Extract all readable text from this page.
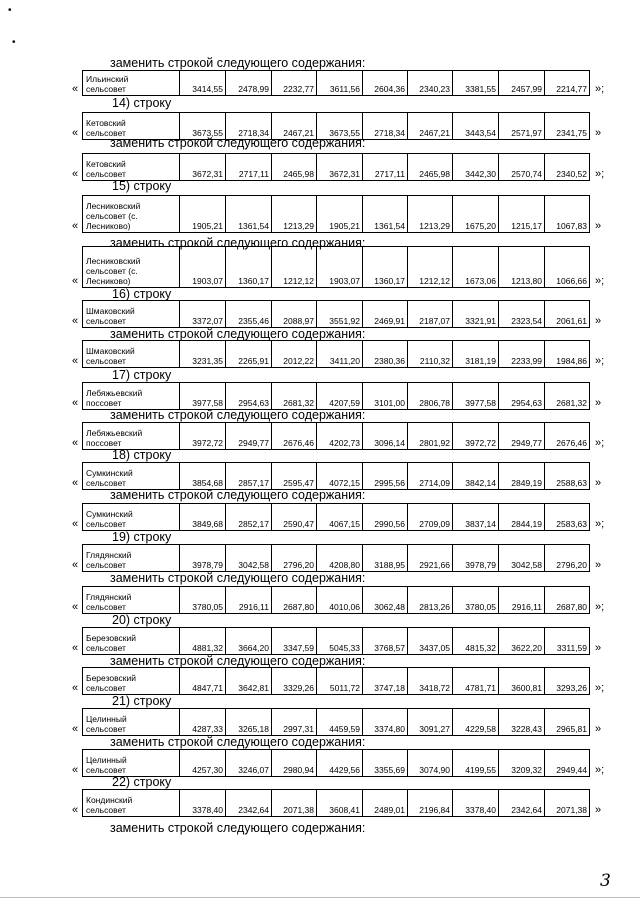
•
•
заменить строкой следующего содержания:
«
Ильинский
сельсовет	3414,55	2478,99	2232,77	3611,56	2604,36	2340,23	3381,55	2457,99	2214,77 »;
14) строку
«
Кетовский
сельсовет	3673,55	2718,34	2467,21	3673,55	2718,34	2467,21	3443,54	2571,97	2341,75 »
заменить строкой следующего содержания:
«
Кетовский
сельсовет	3672,31	2717,11	2465,98	3672,31	2717,11	2465,98	3442,30	2570,74	2340,52 »;
15) строку
«
Лесниковский
сельсовет (с.
Лесниково)	1905,21	1361,54	1213,29	1905,21	1361,54	1213,29	1675,20	1215,17	1067,83 »
заменить строкой следующего содержания:
«
Лесниковский
сельсовет (с.
Лесниково)	1903,07	1360,17	1212,12	1903,07	1360,17	1212,12	1673,06	1213,80	1066,66 »;
16) строку
«
Шмаковский
сельсовет	3372,07	2355,46	2088,97	3551,92	2469,91	2187,07	3321,91	2323,54	2061,61 »
заменить строкой следующего содержания:
«
Шмаковский
сельсовет	3231,35	2265,91	2012,22	3411,20	2380,36	2110,32	3181,19	2233,99	1984,86 »;
17) строку
«
Лебяжьевский
поссовет	3977,58	2954,63	2681,32	4207,59	3101,00	2806,78	3977,58	2954,63	2681,32 »
заменить строкой следующего содержания:
«
Лебяжьевский
поссовет	3972,72	2949,77	2676,46	4202,73	3096,14	2801,92	3972,72	2949,77	2676,46 »;
18) строку
«
Сумкинский
сельсовет	3854,68	2857,17	2595,47	4072,15	2995,56	2714,09	3842,14	2849,19	2588,63 »
заменить строкой следующего содержания:
«
Сумкинский
сельсовет	3849,68	2852,17	2590,47	4067,15	2990,56	2709,09	3837,14	2844,19	2583,63 »;
19) строку
«
Глядянский
сельсовет	3978,79	3042,58	2796,20	4208,80	3188,95	2921,66	3978,79	3042,58	2796,20 »
заменить строкой следующего содержания:
«
Глядянский
сельсовет	3780,05	2916,11	2687,80	4010,06	3062,48	2813,26	3780,05	2916,11	2687,80 »;
20) строку
«
Березовский
сельсовет	4881,32	3664,20	3347,59	5045,33	3768,57	3437,05	4815,32	3622,20	3311,59 »
заменить строкой следующего содержания:
«
Березовский
сельсовет	4847,71	3642,81	3329,26	5011,72	3747,18	3418,72	4781,71	3600,81	3293,26 »;
21) строку
«
Целинный
сельсовет	4287,33	3265,18	2997,31	4459,59	3374,80	3091,27	4229,58	3228,43	2965,81 »
заменить строкой следующего содержания:
«
Целинный
сельсовет	4257,30	3246,07	2980,94	4429,56	3355,69	3074,90	4199,55	3209,32	2949,44 »;
22) строку
«
Кондинский
сельсовет	3378,40	2342,64	2071,38	3608,41	2489,01	2196,84	3378,40	2342,64	2071,38 »
заменить строкой следующего содержания:
3
